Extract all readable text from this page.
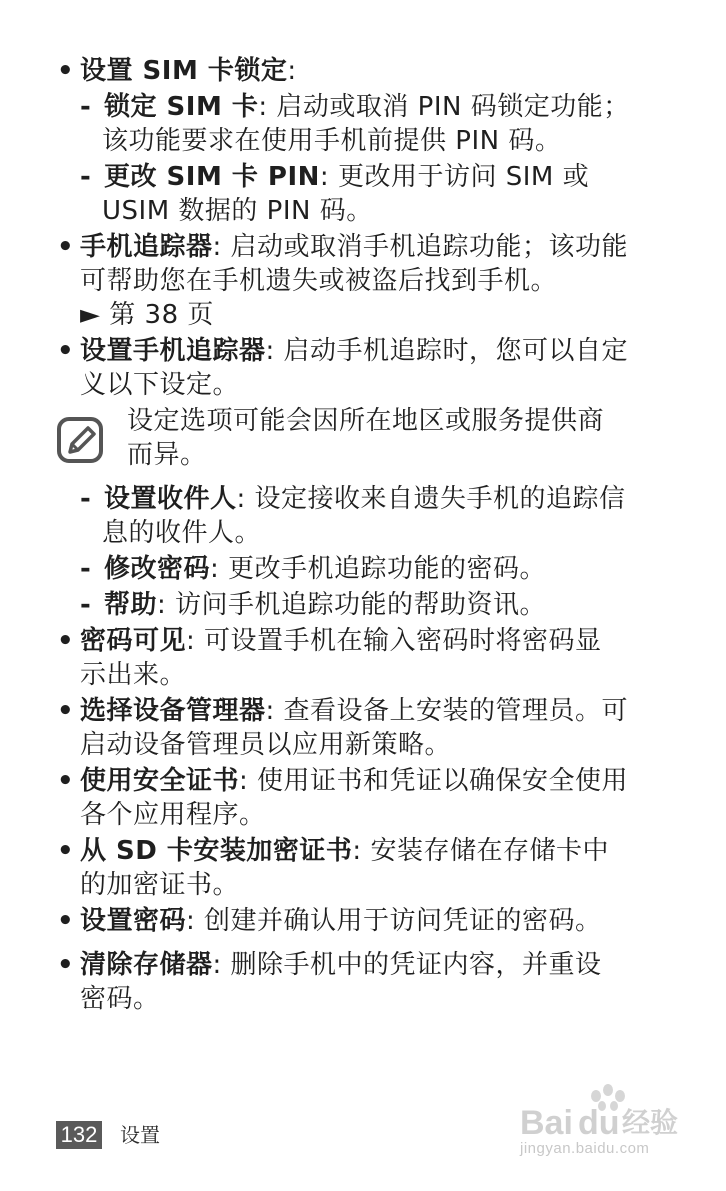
• 设置 SIM 卡锁定:
- 锁定 SIM 卡: 启动或取消 PIN 码锁定功能；
该功能要求在使用手机前提供 PIN 码。
- 更改 SIM 卡 PIN: 更改用于访问 SIM 或
USIM 数据的 PIN 码。
• 手机追踪器: 启动或取消手机追踪功能；该功能
可帮助您在手机遗失或被盗后找到手机。
► 第 38 页
• 设置手机追踪器: 启动手机追踪时，您可以自定
义以下设定。
设定选项可能会因所在地区或服务提供商
而异。
- 设置收件人: 设定接收来自遗失手机的追踪信
息的收件人。
- 修改密码: 更改手机追踪功能的密码。
- 帮助: 访问手机追踪功能的帮助资讯。
• 密码可见: 可设置手机在输入密码时将密码显
示出来。
• 选择设备管理器: 查看设备上安装的管理员。可
启动设备管理员以应用新策略。
• 使用安全证书: 使用证书和凭证以确保安全使用
各个应用程序。
• 从 SD 卡安装加密证书: 安装存储在存储卡中
的加密证书。
• 设置密码: 创建并确认用于访问凭证的密码。
• 清除存储器: 删除手机中的凭证内容，并重设
密码。
132 设置	Bai du 经验
jingyan.baidu.com
